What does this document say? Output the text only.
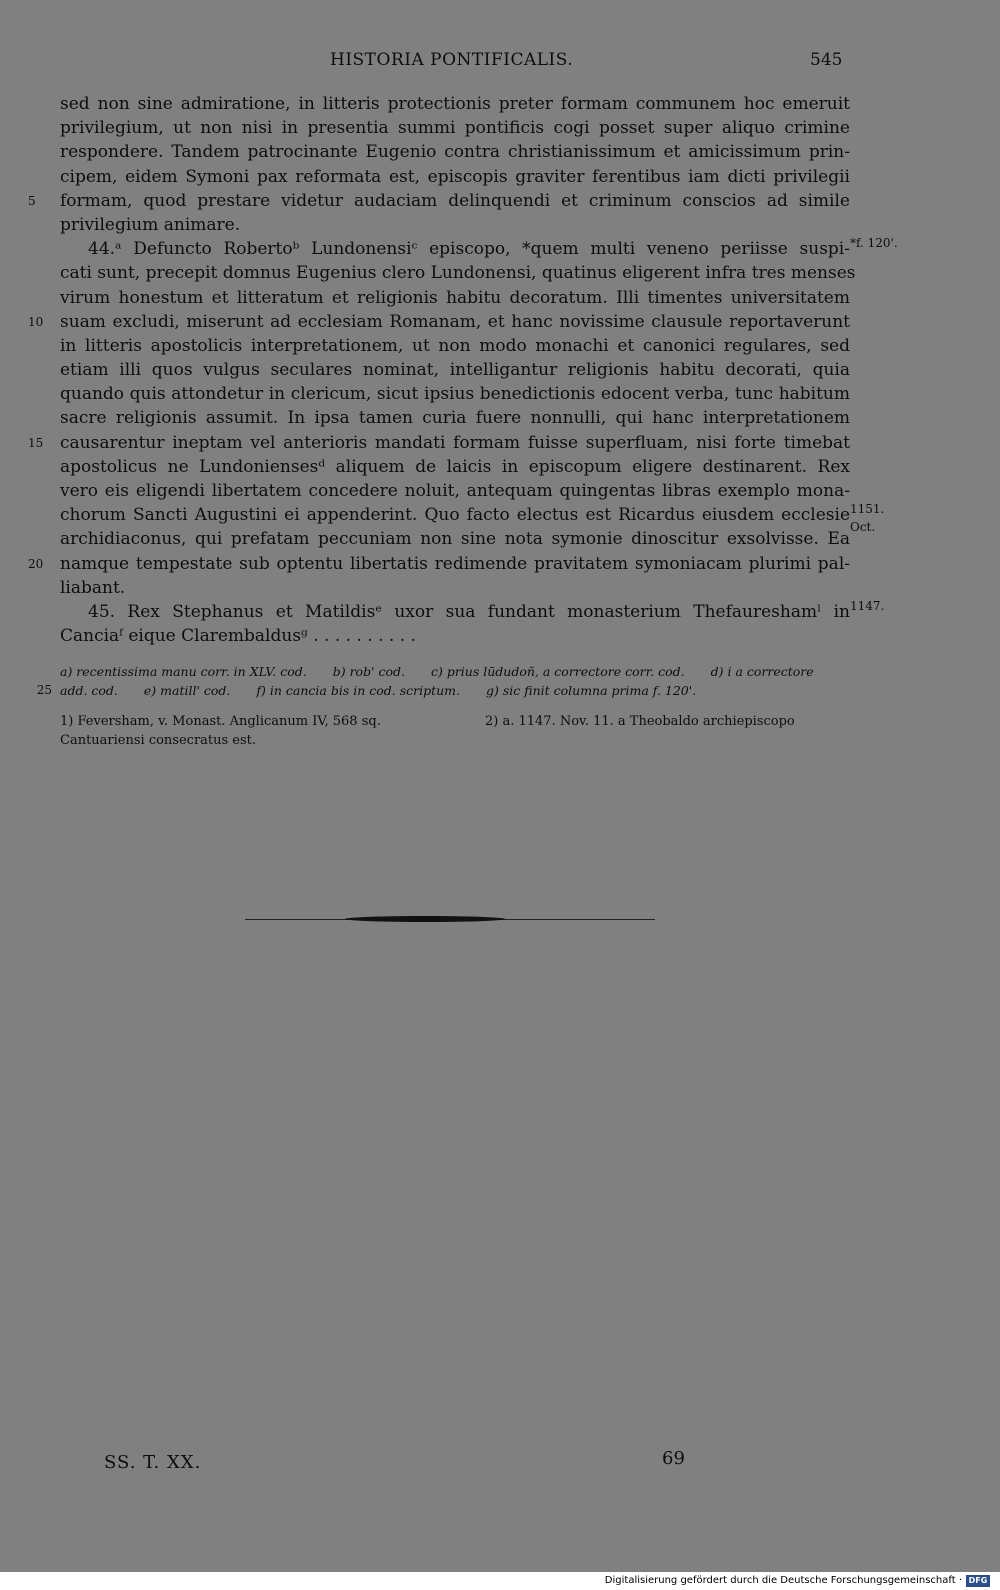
HISTORIA PONTIFICALIS.	545
sed non sine admiratione, in litteris protectionis preter formam communem hoc emeruit
privilegium, ut non nisi in presentia summi pontificis cogi posset super aliquo crimine
respondere. Tandem patrocinante Eugenio contra christianissimum et amicissimum prin-
cipem, eidem Symoni pax reformata est, episcopis graviter ferentibus iam dicti privilegii
formam, quod prestare videtur audaciam delinquendi et criminum conscios ad simile
5
privilegium animare.
44.ᵃ Defuncto Robertoᵇ Lundonensiᶜ episcopo, *quem multi veneno periisse suspi- *f. 120'.
cati sunt, precepit domnus Eugenius clero Lundonensi, quatinus eligerent infra tres menses
virum honestum et litteratum et religionis habitu decoratum. Illi timentes universitatem
suam excludi, miserunt ad ecclesiam Romanam, et hanc novissime clausule reportaverunt
10
in litteris apostolicis interpretationem, ut non modo monachi et canonici regulares, sed
etiam illi quos vulgus seculares nominat, intelligantur religionis habitu decorati, quia
quando quis attondetur in clericum, sicut ipsius benedictionis edocent verba, tunc habitum
sacre religionis assumit. In ipsa tamen curia fuere nonnulli, qui hanc interpretationem
causarentur ineptam vel anterioris mandati formam fuisse superfluam, nisi forte timebat
15
apostolicus ne Lundoniensesᵈ aliquem de laicis in episcopum eligere destinarent. Rex
vero eis eligendi libertatem concedere noluit, antequam quingentas libras exemplo mona-
chorum Sancti Augustini ei appenderint. Quo facto electus est Ricardus eiusdem ecclesie 1151.
Oct.
archidiaconus, qui prefatam peccuniam non sine nota symonie dinoscitur exsolvisse. Ea
namque tempestate sub optentu libertatis redimende pravitatem symoniacam plurimi pal-
20
liabant.
45. Rex Stephanus et Matildisᵉ uxor sua fundant monasterium Thefaureshamˡ in 1147.
Canciaᶠ eique Clarembaldusᵍ . . . . . . . . . .
a) recentissima manu corr. in XLV. cod. b) rob' cod. c) prius lūdudoñ, a correctore corr. cod. d) i a correctore
25 add. cod. e) matill' cod. f) in cancia bis in cod. scriptum. g) sic finit columna prima f. 120'.
1) Feversham, v. Monast. Anglicanum IV, 568 sq.	2) a. 1147. Nov. 11. a Theobaldo archiepiscopo
Cantuariensi consecratus est.
SS. T. XX.	69
Digitalisierung gefördert durch die Deutsche Forschungsgemeinschaft · DFG
